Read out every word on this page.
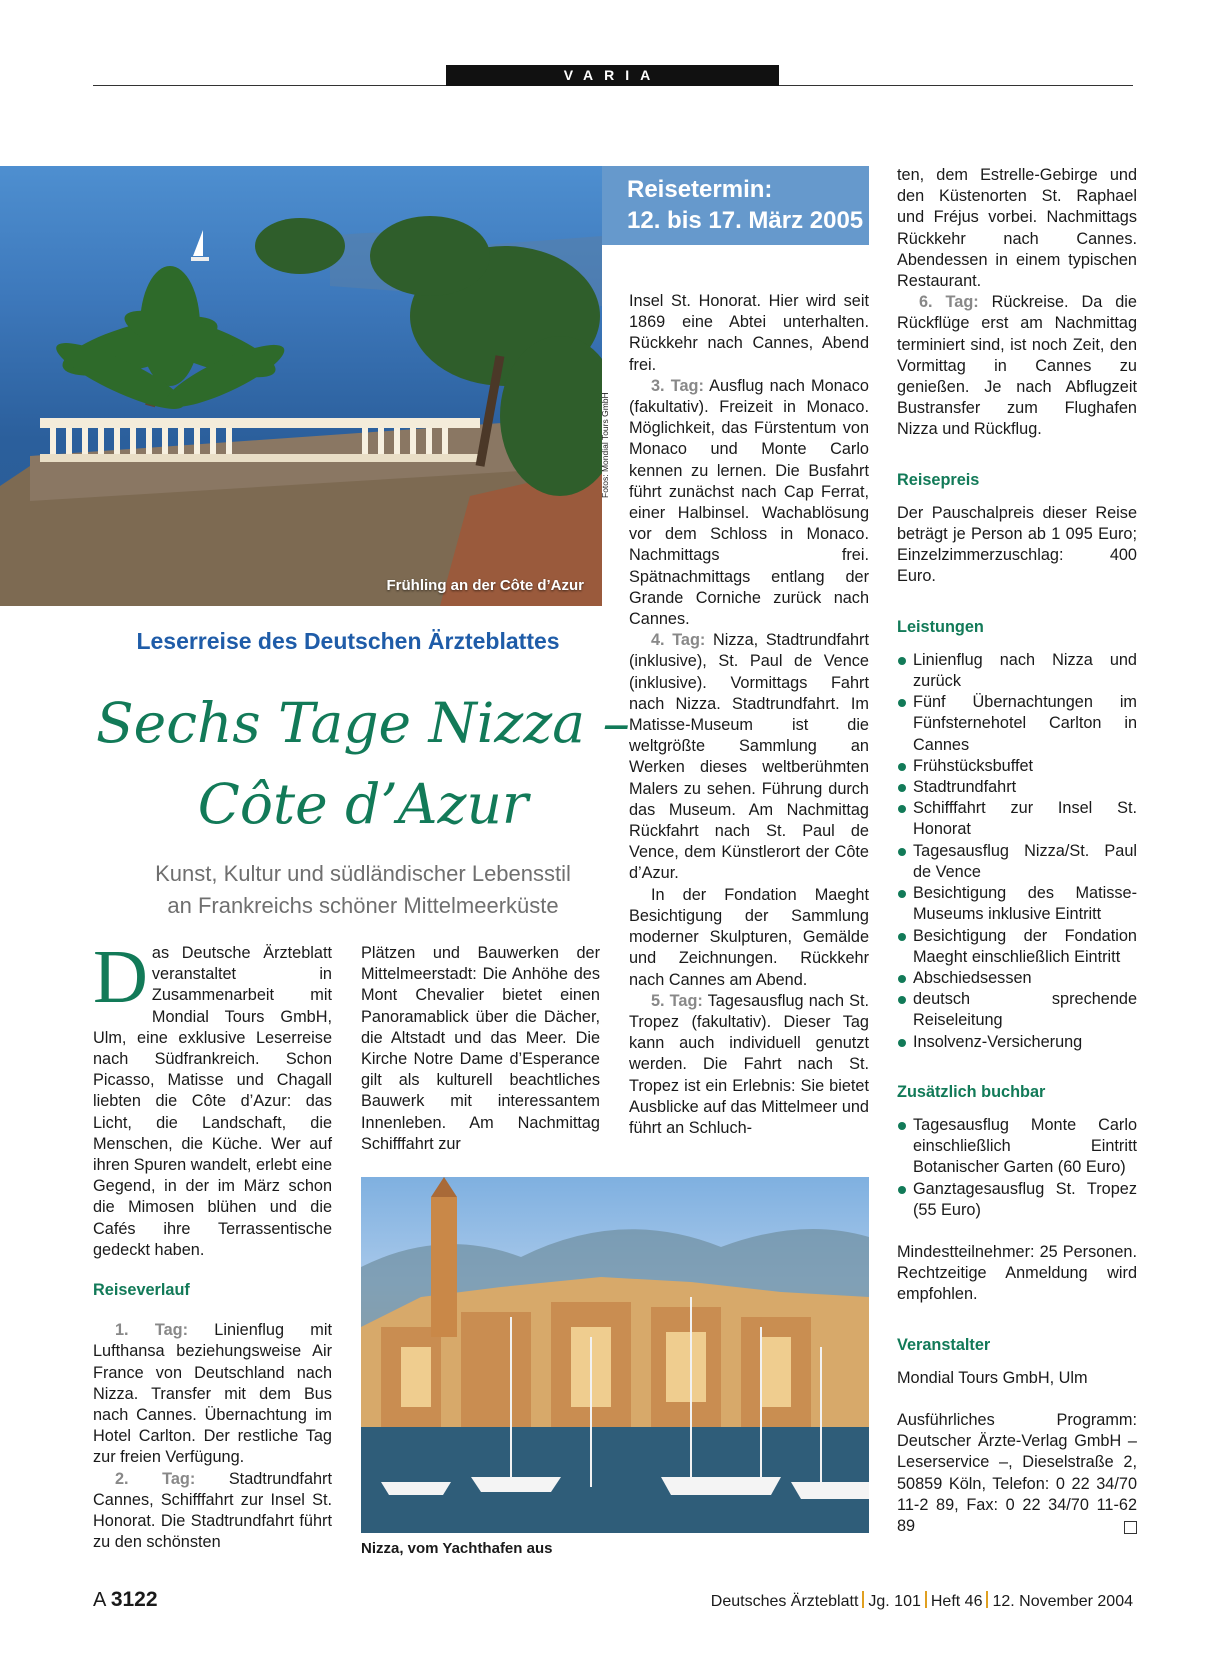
VARIA
Frühling an der Côte d’Azur
Fotos: Mondial Tours GmbH
Reisetermin:
12. bis 17. März 2005
Leserreise des Deutschen Ärzteblattes
Sechs Tage Nizza –
Côte d’Azur
Kunst, Kultur und südländischer Lebensstil
an Frankreichs schöner Mittelmeerküste

Das Deutsche Ärzteblatt veranstaltet in Zusammenarbeit mit Mondial Tours GmbH, Ulm, eine exklusive Leserreise nach Südfrankreich. Schon Picasso, Matisse und Chagall liebten die Côte d’Azur: das Licht, die Landschaft, die Menschen, die Küche. Wer auf ihren Spuren wandelt, erlebt eine Gegend, in der im März schon die Mimosen blühen und die Cafés ihre Terrassentische gedeckt haben.

Reiseverlauf

1. Tag: Linienflug mit Lufthansa beziehungsweise Air France von Deutschland nach Nizza. Transfer mit dem Bus nach Cannes. Übernachtung im Hotel Carlton. Der restliche Tag zur freien Verfügung.

2. Tag: Stadtrundfahrt Cannes, Schifffahrt zur Insel St. Honorat. Die Stadtrundfahrt führt zu den schönsten

Plätzen und Bauwerken der Mittelmeerstadt: Die Anhöhe des Mont Chevalier bietet einen Panoramablick über die Dächer, die Altstadt und das Meer. Die Kirche Notre Dame d’Esperance gilt als kulturell beachtliches Bauwerk mit interessantem Innenleben. Am Nachmittag Schifffahrt zur

Nizza, vom Yachthafen aus

Insel St. Honorat. Hier wird seit 1869 eine Abtei unterhalten. Rückkehr nach Cannes, Abend frei.

3. Tag: Ausflug nach Monaco (fakultativ). Freizeit in Monaco. Möglichkeit, das Fürstentum von Monaco und Monte Carlo kennen zu lernen. Die Busfahrt führt zunächst nach Cap Ferrat, einer Halbinsel. Wachablösung vor dem Schloss in Monaco. Nachmittags frei. Spätnachmittags entlang der Grande Corniche zurück nach Cannes.

4. Tag: Nizza, Stadtrundfahrt (inklusive), St. Paul de Vence (inklusive). Vormittags Fahrt nach Nizza. Stadtrundfahrt. Im Matisse-Museum ist die weltgrößte Sammlung an Werken dieses weltberühmten Malers zu sehen. Führung durch das Museum. Am Nachmittag Rückfahrt nach St. Paul de Vence, dem Künstlerort der Côte d’Azur.

In der Fondation Maeght Besichtigung der Sammlung moderner Skulpturen, Gemälde und Zeichnungen. Rückkehr nach Cannes am Abend.

5. Tag: Tagesausflug nach St. Tropez (fakultativ). Dieser Tag kann auch individuell genutzt werden. Die Fahrt nach St. Tropez ist ein Erlebnis: Sie bietet Ausblicke auf das Mittelmeer und führt an Schluch-

ten, dem Estrelle-Gebirge und den Küstenorten St. Raphael und Fréjus vorbei. Nachmittags Rückkehr nach Cannes. Abendessen in einem typischen Restaurant.

6. Tag: Rückreise. Da die Rückflüge erst am Nachmittag terminiert sind, ist noch Zeit, den Vormittag in Cannes zu genießen. Je nach Abflugzeit Bustransfer zum Flughafen Nizza und Rückflug.

Reisepreis

Der Pauschalpreis dieser Reise beträgt je Person ab 1 095 Euro; Einzelzimmerzuschlag: 400 Euro.

Leistungen

Linienflug nach Nizza und zurück
Fünf Übernachtungen im Fünfsternehotel Carlton in Cannes
Frühstücksbuffet
Stadtrundfahrt
Schifffahrt zur Insel St. Honorat
Tagesausflug Nizza/St. Paul de Vence
Besichtigung des Matisse-Museums inklusive Eintritt
Besichtigung der Fondation Maeght einschließlich Eintritt
Abschiedsessen
deutsch sprechende Reiseleitung
Insolvenz-Versicherung

Zusätzlich buchbar

Tagesausflug Monte Carlo einschließlich Eintritt Botanischer Garten (60 Euro)
Ganztagesausflug St. Tropez (55 Euro)

Mindestteilnehmer: 25 Personen. Rechtzeitige Anmeldung wird empfohlen.

Veranstalter

Mondial Tours GmbH, Ulm

Ausführliches Programm: Deutscher Ärzte-Verlag GmbH – Leserservice –, Dieselstraße 2, 50859 Köln, Telefon: 0 22 34/70 11-2 89, Fax: 0 22 34/70 11-62 89

A 3122	Deutsches Ärzteblatt Jg. 101 Heft 46 12. November 2004
